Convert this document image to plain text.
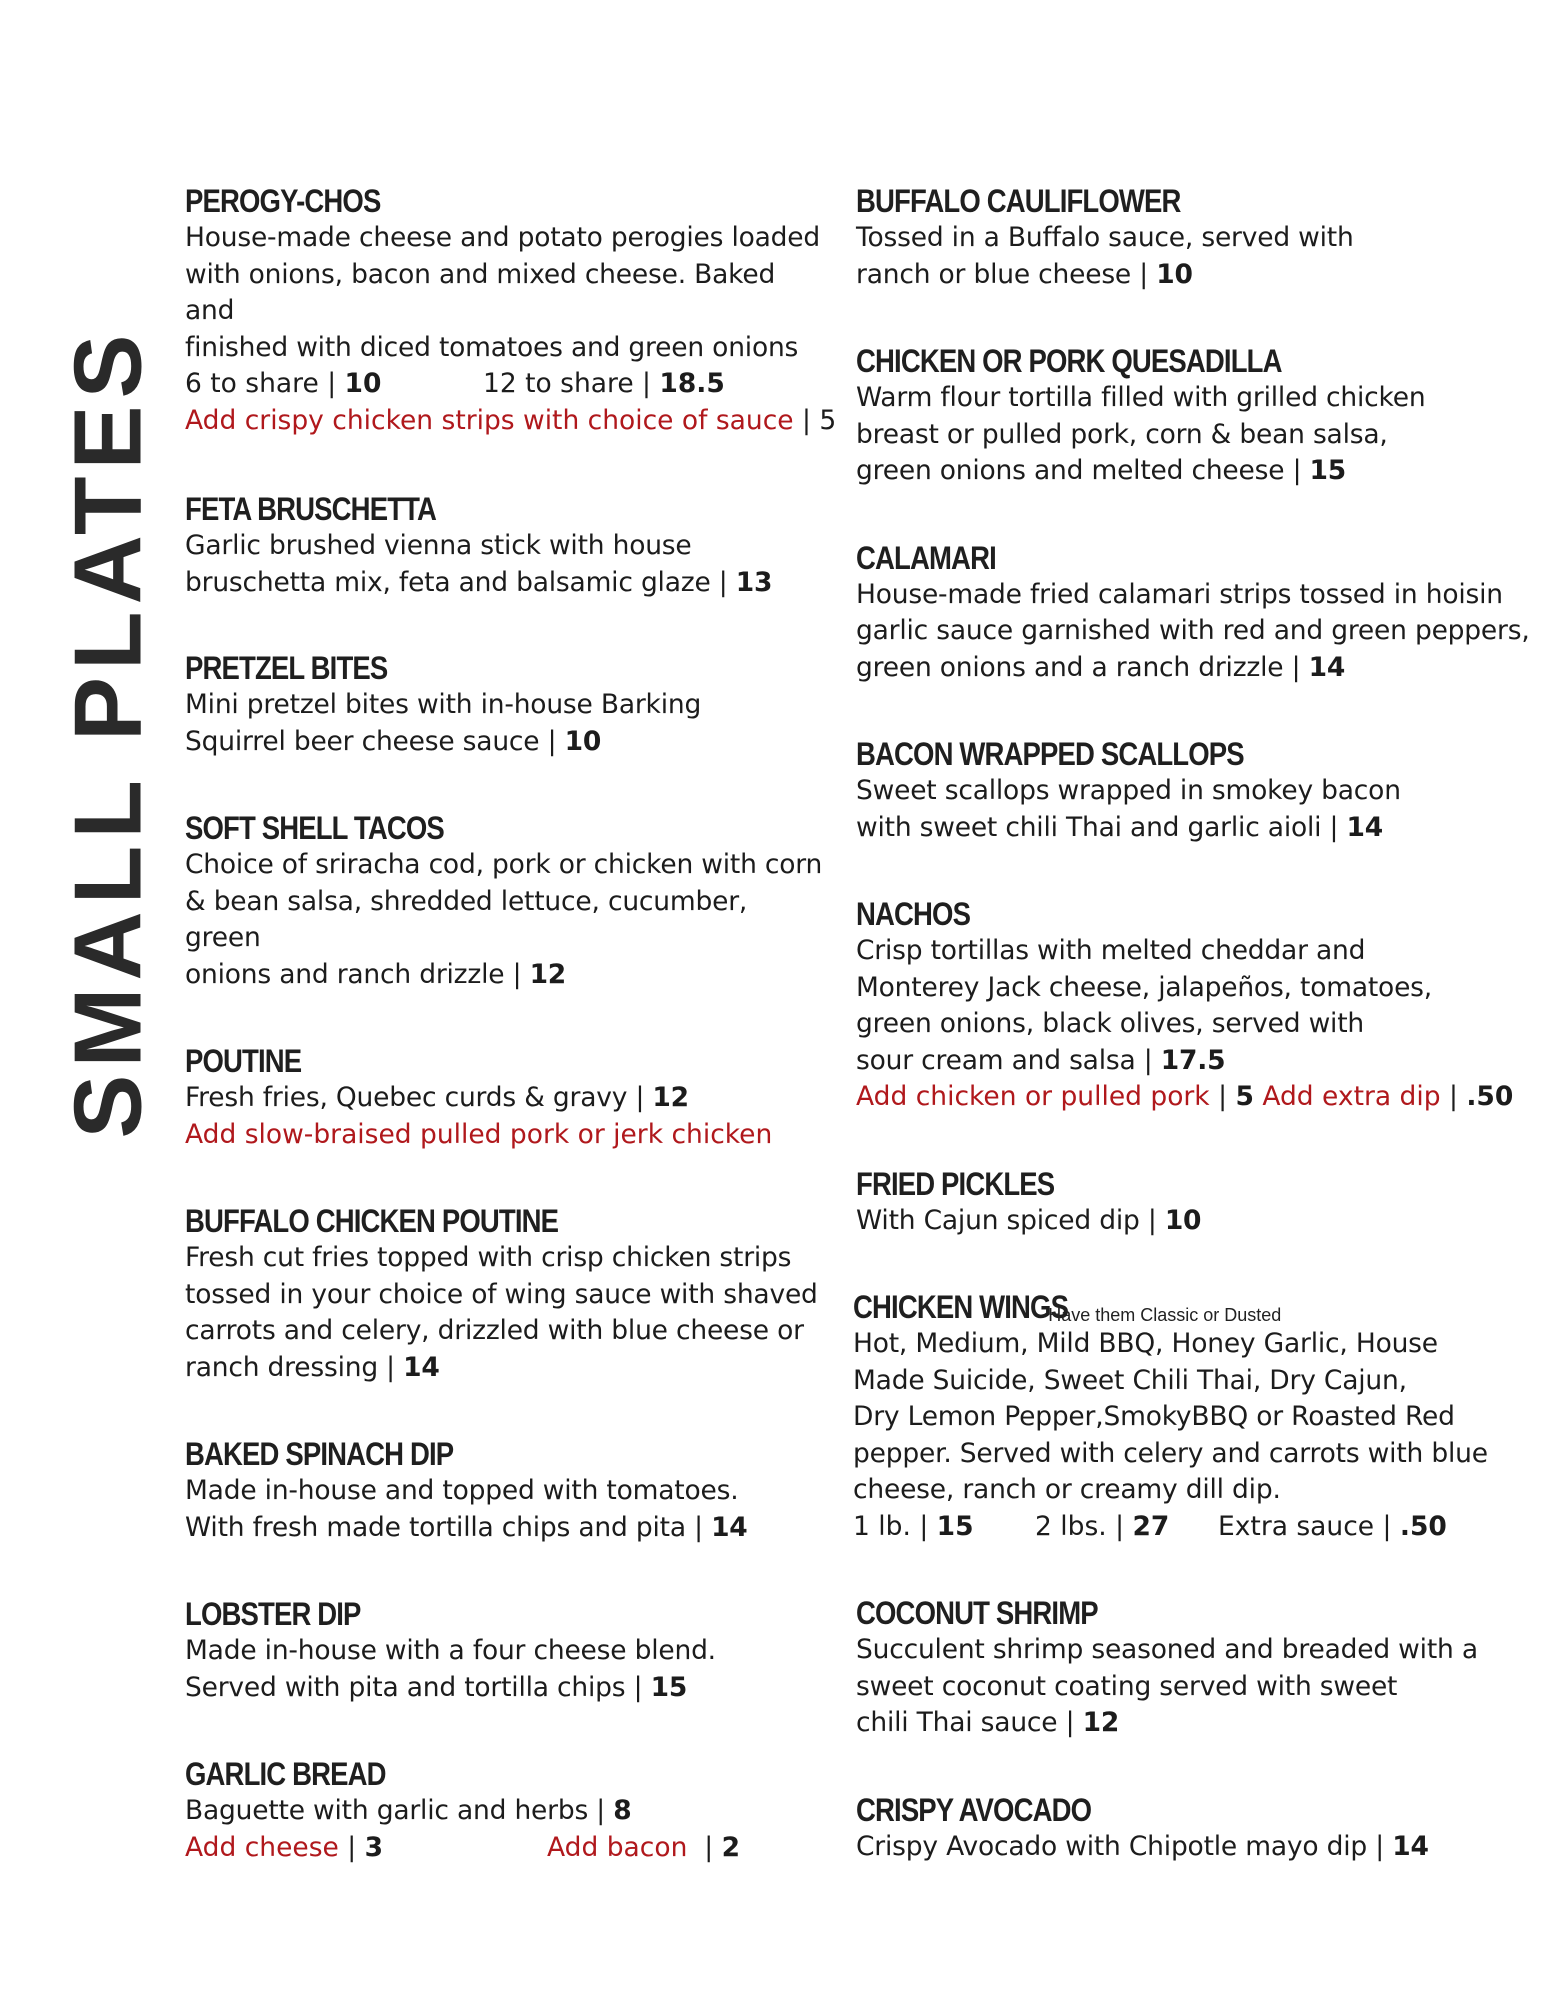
SMALL PLATES
PEROGY-CHOS
House-made cheese and potato perogies loaded
with onions, bacon and mixed cheese. Baked and
finished with diced tomatoes and green onions
6 to share | 10	12 to share | 18.5
Add crispy chicken strips with choice of sauce | 5
FETA BRUSCHETTA
Garlic brushed vienna stick with house
bruschetta mix, feta and balsamic glaze | 13
PRETZEL BITES
Mini pretzel bites with in-house Barking
Squirrel beer cheese sauce | 10
SOFT SHELL TACOS
Choice of sriracha cod, pork or chicken with corn
& bean salsa, shredded lettuce, cucumber, green
onions and ranch drizzle | 12
POUTINE
Fresh fries, Quebec curds & gravy | 12
Add slow-braised pulled pork or jerk chicken
BUFFALO CHICKEN POUTINE
Fresh cut fries topped with crisp chicken strips
tossed in your choice of wing sauce with shaved
carrots and celery, drizzled with blue cheese or
ranch dressing | 14
BAKED SPINACH DIP
Made in-house and topped with tomatoes.
With fresh made tortilla chips and pita | 14
LOBSTER DIP
Made in-house with a four cheese blend.
Served with pita and tortilla chips | 15
GARLIC BREAD
Baguette with garlic and herbs | 8
Add cheese | 3	Add bacon  | 2
BUFFALO CAULIFLOWER
Tossed in a Buffalo sauce, served with
ranch or blue cheese | 10
CHICKEN OR PORK QUESADILLA
Warm flour tortilla filled with grilled chicken
breast or pulled pork, corn & bean salsa,
green onions and melted cheese | 15
CALAMARI
House-made fried calamari strips tossed in hoisin
garlic sauce garnished with red and green peppers,
green onions and a ranch drizzle | 14
BACON WRAPPED SCALLOPS
Sweet scallops wrapped in smokey bacon
with sweet chili Thai and garlic aioli | 14
NACHOS
Crisp tortillas with melted cheddar and
Monterey Jack cheese, jalapeños, tomatoes,
green onions, black olives, served with
sour cream and salsa | 17.5
Add chicken or pulled pork | 5 Add extra dip | .50
FRIED PICKLES
With Cajun spiced dip | 10
CHICKEN WINGS Have them Classic or Dusted
Hot, Medium, Mild BBQ, Honey Garlic, House
Made Suicide, Sweet Chili Thai, Dry Cajun,
Dry Lemon Pepper,SmokyBBQ or Roasted Red
pepper. Served with celery and carrots with blue
cheese, ranch or creamy dill dip.
1 lb. | 15	2 lbs. | 27	Extra sauce | .50
COCONUT SHRIMP
Succulent shrimp seasoned and breaded with a
sweet coconut coating served with sweet
chili Thai sauce | 12
CRISPY AVOCADO
Crispy Avocado with Chipotle mayo dip | 14
